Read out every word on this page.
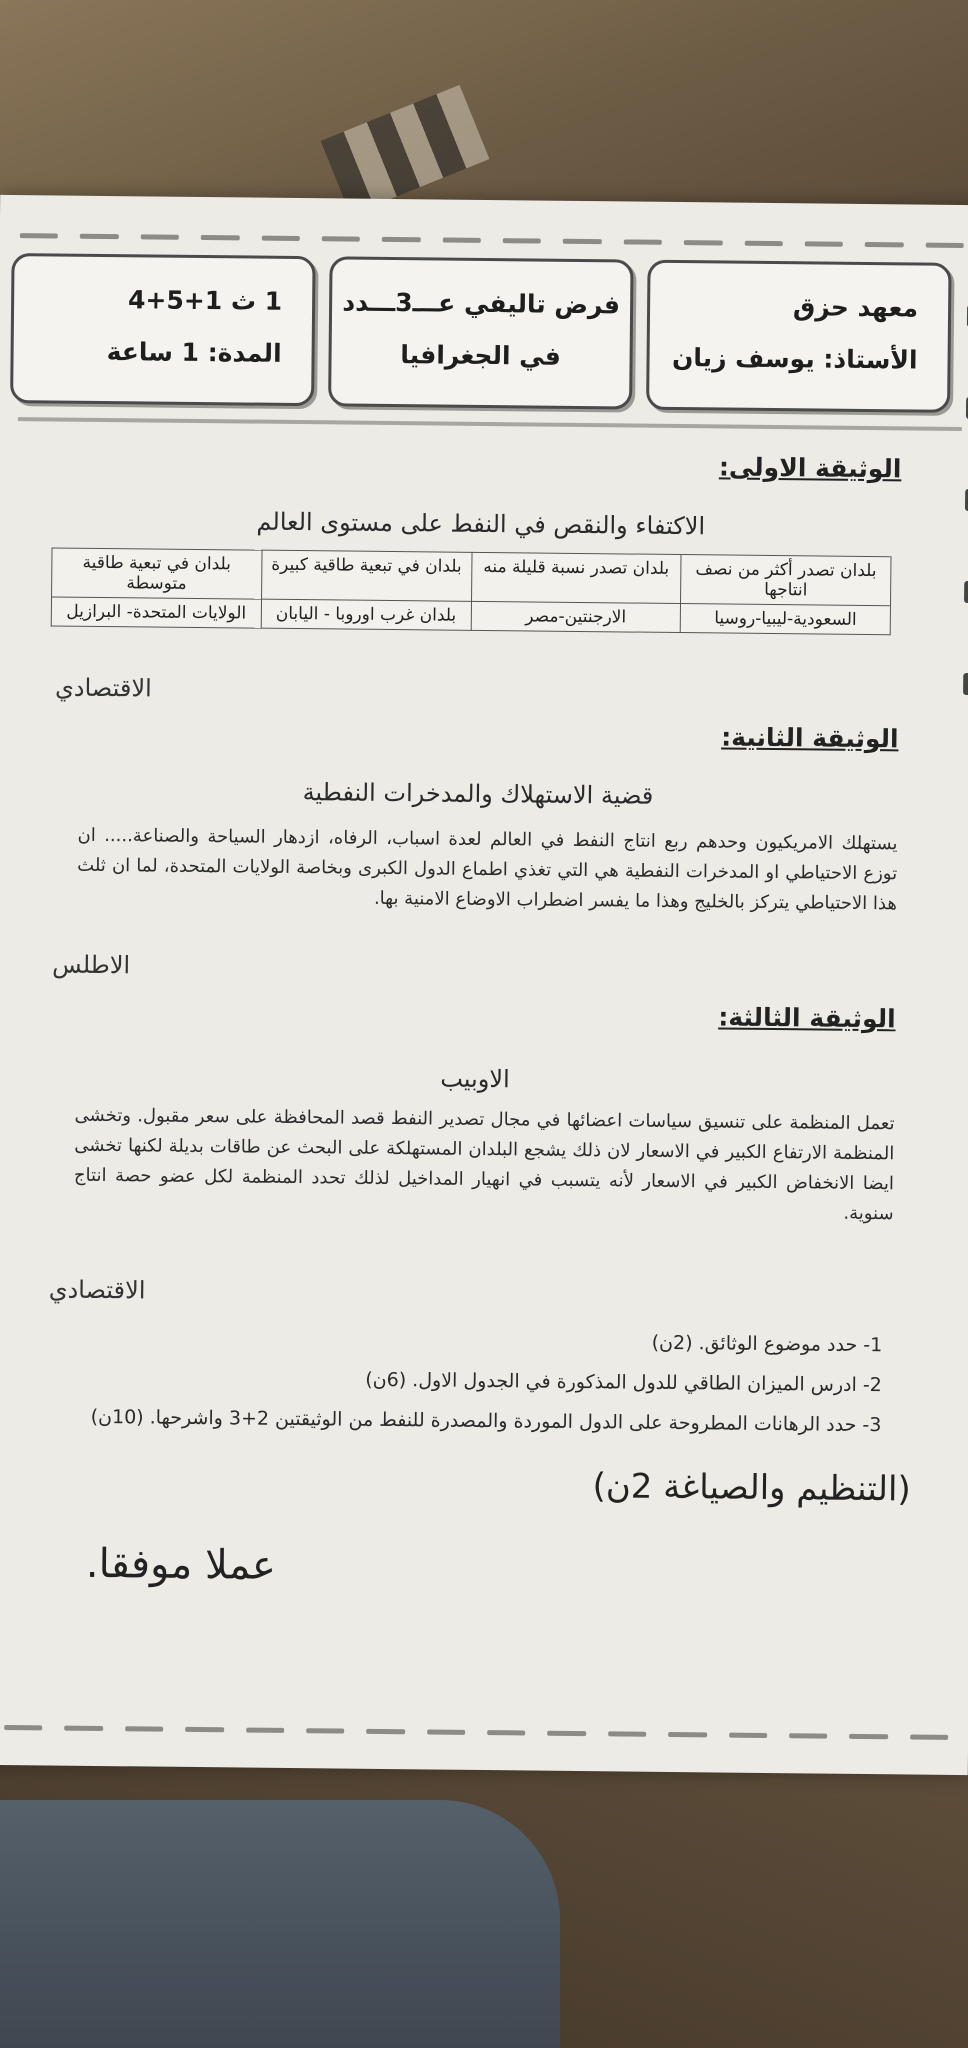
معهد حزق
الأستاذ: يوسف زيان
فرض تاليفي عـــ3ـــدد
في الجغرافيا
1 ث 1+5+4
المدة: 1 ساعة
الوثيقة الاولى:
الاكتفاء والنقص في النفط على مستوى العالم
بلدان تصدر أكثر من نصف انتاجها	بلدان تصدر نسبة قليلة منه	بلدان في تبعية طاقية كبيرة	بلدان في تبعية طاقية متوسطة
السعودية-ليبيا-روسيا	الارجنتين-مصر	بلدان غرب اوروبا - اليابان	الولايات المتحدة- البرازيل
الاقتصادي
الوثيقة الثانية:
قضية الاستهلاك والمدخرات النفطية
يستهلك الامريكيون وحدهم ربع انتاج النفط في العالم لعدة اسباب، الرفاه، ازدهار السياحة والصناعة..... ان توزع الاحتياطي او المدخرات النفطية هي التي تغذي اطماع الدول الكبرى وبخاصة الولايات المتحدة، لما ان ثلث هذا الاحتياطي يتركز بالخليج وهذا ما يفسر اضطراب الاوضاع الامنية بها.
الاطلس
الوثيقة الثالثة:
الاوبيب
تعمل المنظمة على تنسيق سياسات اعضائها في مجال تصدير النفط قصد المحافظة على سعر مقبول. وتخشى المنظمة الارتفاع الكبير في الاسعار لان ذلك يشجع البلدان المستهلكة على البحث عن طاقات بديلة لكنها تخشى ايضا الانخفاض الكبير في الاسعار لأنه يتسبب في انهيار المداخيل لذلك تحدد المنظمة لكل عضو حصة انتاج سنوية.
الاقتصادي
1- حدد موضوع الوثائق. (2ن)
2- ادرس الميزان الطاقي للدول المذكورة في الجدول الاول. (6ن)
3- حدد الرهانات المطروحة على الدول الموردة والمصدرة للنفط من الوثيقتين 2+3 واشرحها. (10ن)
(التنظيم والصياغة 2ن)
عملا موفقا.
